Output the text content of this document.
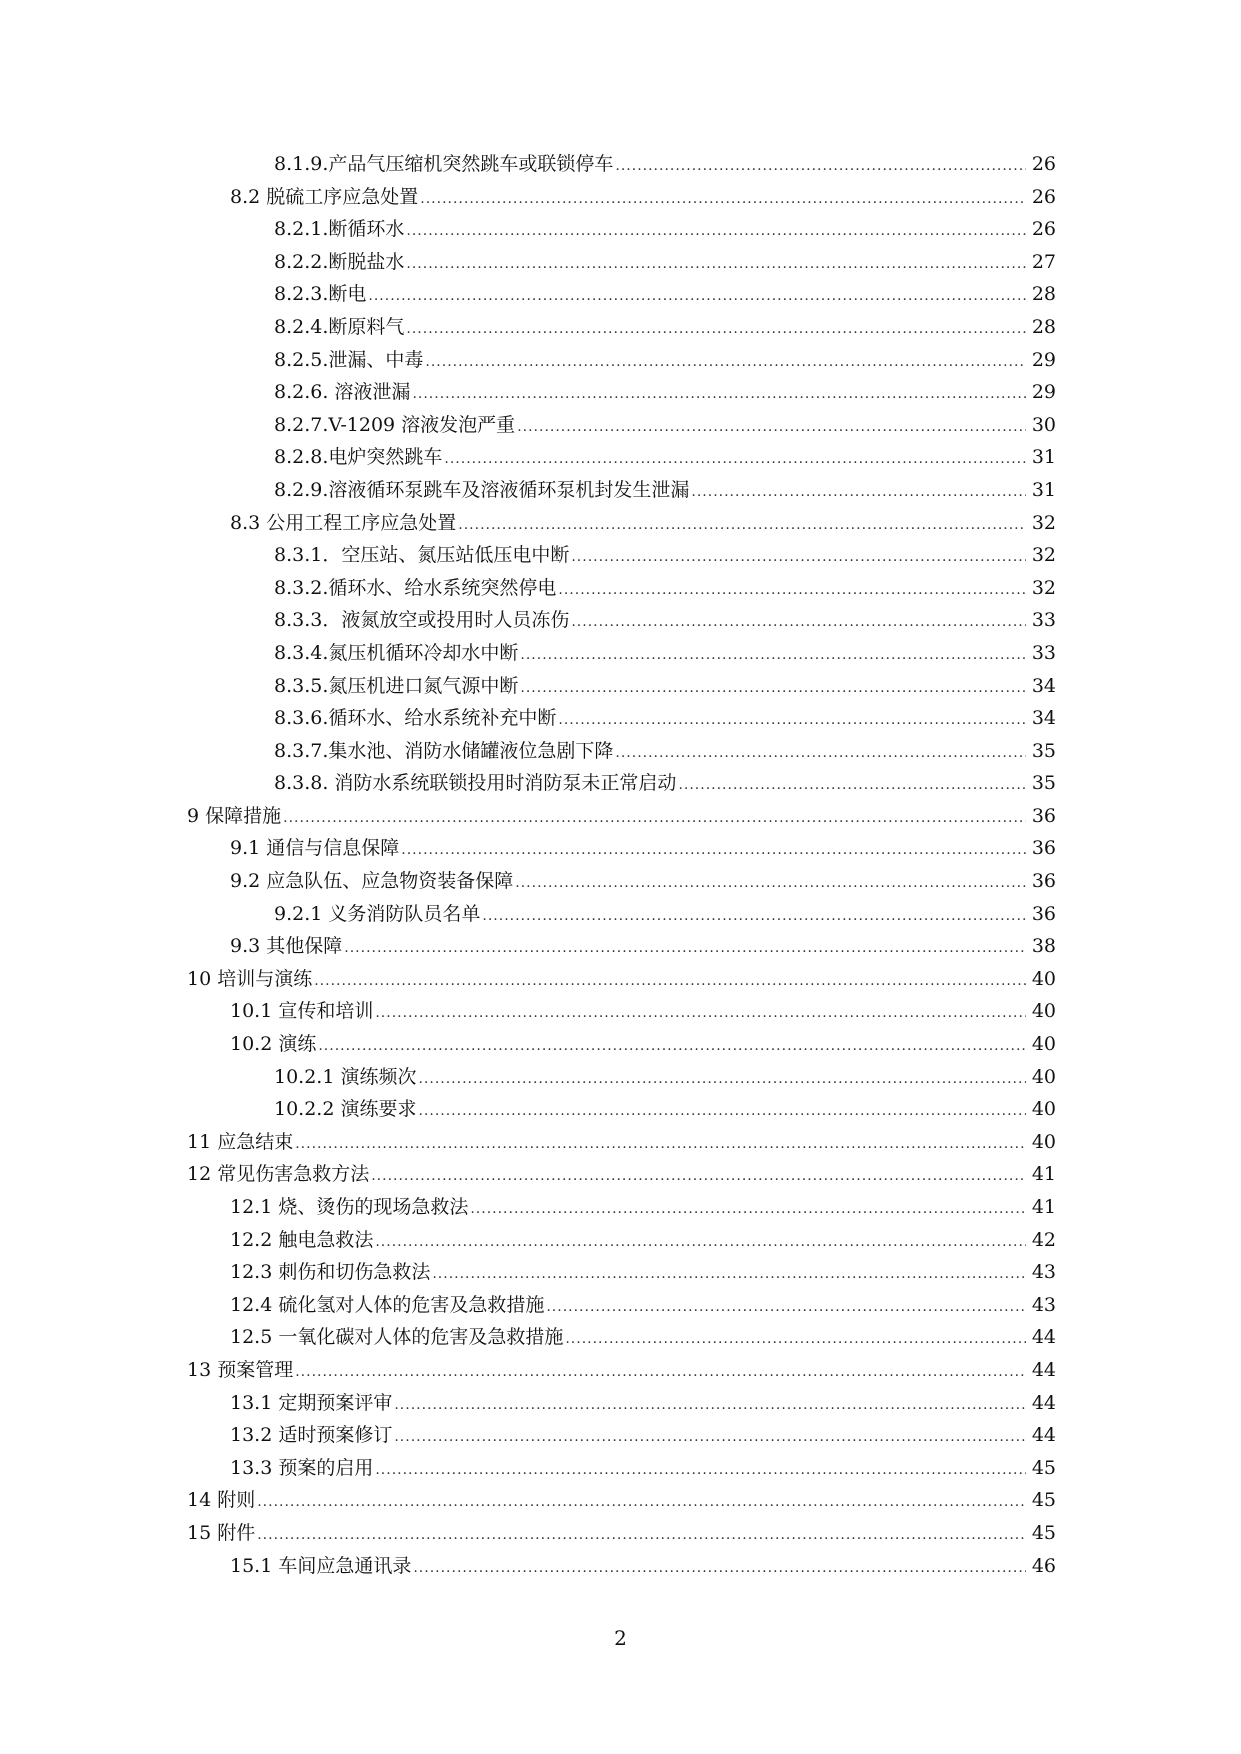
8.1.9.产品气压缩机突然跳车或联锁停车 .....	26
8.2 脱硫工序应急处置 .....	26
8.2.1.断循环水 .....	26
8.2.2.断脱盐水 .....	27
8.2.3.断电 .....	28
8.2.4.断原料气 .....	28
8.2.5.泄漏、中毒 .....	29
8.2.6. 溶液泄漏 .....	29
8.2.7.V-1209 溶液发泡严重 .....	30
8.2.8.电炉突然跳车 .....	31
8.2.9.溶液循环泵跳车及溶液循环泵机封发生泄漏 .....	31
8.3 公用工程工序应急处置 .....	32
8.3.1．空压站、氮压站低压电中断 .....	32
8.3.2.循环水、给水系统突然停电 .....	32
8.3.3．液氮放空或投用时人员冻伤 .....	33
8.3.4.氮压机循环冷却水中断 .....	33
8.3.5.氮压机进口氮气源中断 .....	34
8.3.6.循环水、给水系统补充中断 .....	34
8.3.7.集水池、消防水储罐液位急剧下降 .....	35
8.3.8. 消防水系统联锁投用时消防泵未正常启动 .....	35
9 保障措施 .....	36
9.1 通信与信息保障 .....	36
9.2 应急队伍、应急物资装备保障 .....	36
9.2.1 义务消防队员名单 .....	36
9.3 其他保障 .....	38
10 培训与演练 .....	40
10.1 宣传和培训 .....	40
10.2 演练 .....	40
10.2.1 演练频次 .....	40
10.2.2 演练要求 .....	40
11 应急结束 .....	40
12 常见伤害急救方法 .....	41
12.1 烧、烫伤的现场急救法 .....	41
12.2 触电急救法 .....	42
12.3 刺伤和切伤急救法 .....	43
12.4 硫化氢对人体的危害及急救措施 .....	43
12.5 一氧化碳对人体的危害及急救措施 .....	44
13 预案管理 .....	44
13.1 定期预案评审 .....	44
13.2 适时预案修订 .....	44
13.3 预案的启用 .....	45
14 附则 .....	45
15 附件 .....	45
15.1 车间应急通讯录 .....	46
2
